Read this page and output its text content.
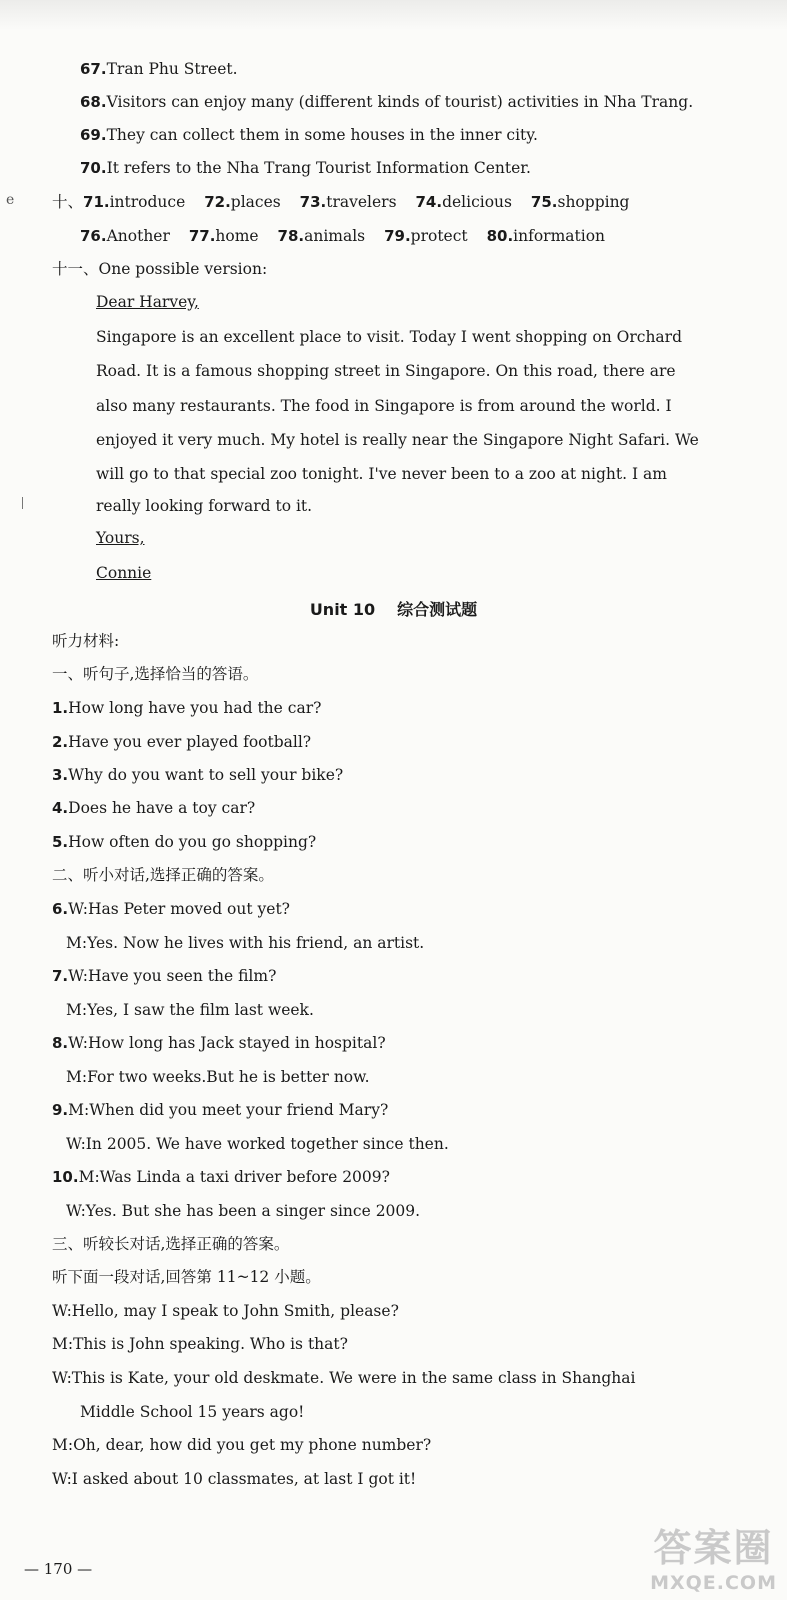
e
67.Tran Phu Street.
68.Visitors can enjoy many (different kinds of tourist) activities in Nha Trang.
69.They can collect them in some houses in the inner city.
70.It refers to the Nha Trang Tourist Information Center.
十、71.introduce 72.places 73.travelers 74.delicious 75.shopping
76.Another 77.home 78.animals 79.protect 80.information
十一、One possible version:
Dear Harvey,
Singapore is an excellent place to visit. Today I went shopping on Orchard
Road. It is a famous shopping street in Singapore. On this road, there are
also many restaurants. The food in Singapore is from around the world. I
enjoyed it very much. My hotel is really near the Singapore Night Safari. We
will go to that special zoo tonight. I've never been to a zoo at night. I am
really looking forward to it.
Yours,
Connie
Unit 10 综合测试题
听力材料:
一、听句子,选择恰当的答语。
1.How long have you had the car?
2.Have you ever played football?
3.Why do you want to sell your bike?
4.Does he have a toy car?
5.How often do you go shopping?
二、听小对话,选择正确的答案。
6.W:Has Peter moved out yet?
M:Yes. Now he lives with his friend, an artist.
7.W:Have you seen the film?
M:Yes, I saw the film last week.
8.W:How long has Jack stayed in hospital?
M:For two weeks.But he is better now.
9.M:When did you meet your friend Mary?
W:In 2005. We have worked together since then.
10.M:Was Linda a taxi driver before 2009?
W:Yes. But she has been a singer since 2009.
三、听较长对话,选择正确的答案。
听下面一段对话,回答第 11~12 小题。
W:Hello, may I speak to John Smith, please?
M:This is John speaking. Who is that?
W:This is Kate, your old deskmate. We were in the same class in Shanghai
Middle School 15 years ago!
M:Oh, dear, how did you get my phone number?
W:I asked about 10 classmates, at last I got it!
— 170 —	答案圈
MXQE.COM
